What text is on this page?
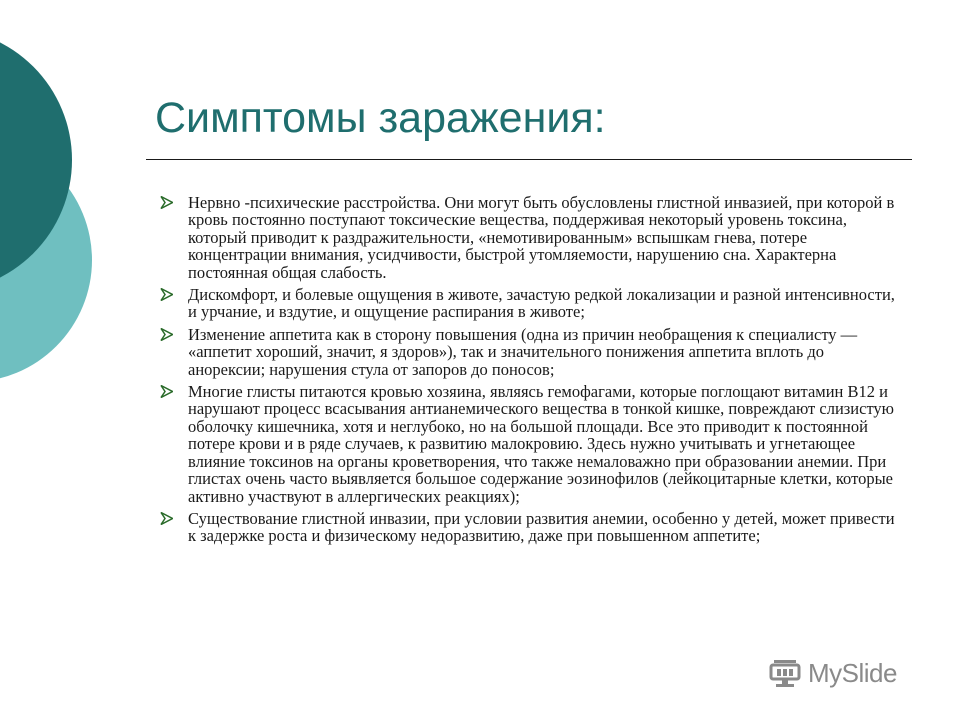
Симптомы заражения:
Нервно -психические расстройства. Они могут быть обусловлены глистной инвазией, при которой в кровь постоянно поступают токсические вещества, поддерживая некоторый уровень токсина, который приводит к раздражительности, «немотивированным» вспышкам гнева, потере концентрации внимания, усидчивости, быстрой утомляемости, нарушению сна. Характерна постоянная общая слабость.
Дискомфорт, и болевые ощущения в животе, зачастую редкой локализации и разной интенсивности, и урчание, и вздутие, и ощущение распирания в животе;
Изменение аппетита как в сторону повышения (одна из причин необращения к специалисту — «аппетит хороший, значит, я здоров»), так и значительного понижения аппетита вплоть до анорексии; нарушения стула от запоров до поносов;
Многие глисты питаются кровью хозяина, являясь гемофагами, которые поглощают витамин В12 и нарушают процесс всасывания антианемического вещества в тонкой кишке, повреждают слизистую оболочку кишечника, хотя и неглубоко, но на большой площади. Все это приводит к постоянной потере крови и в ряде случаев, к развитию малокровию. Здесь нужно учитывать и угнетающее влияние токсинов на органы кроветворения, что также немаловажно при образовании анемии. При глистах очень часто выявляется большое содержание эозинофилов (лейкоцитарные клетки, которые активно участвуют в аллергических реакциях);
Существование глистной инвазии, при условии развития анемии, особенно у детей, может привести к задержке роста и физическому недоразвитию, даже при повышенном аппетите;
MySlide
